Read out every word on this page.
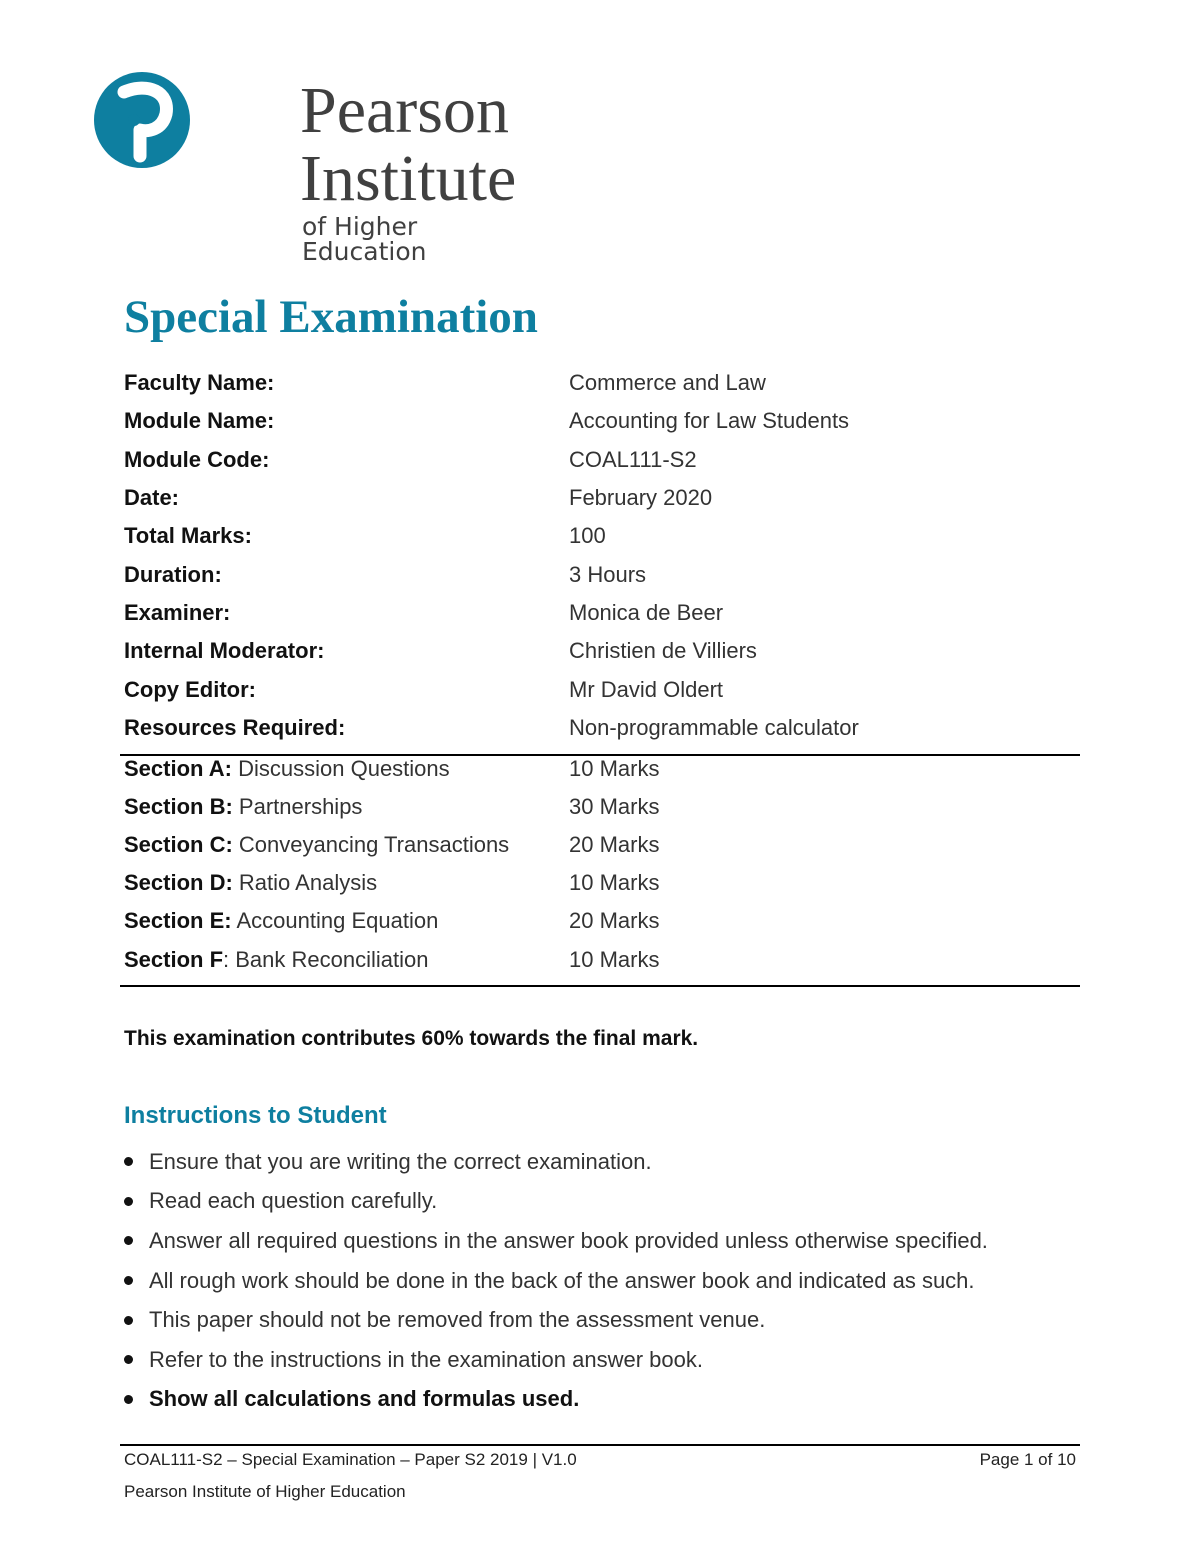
Pearson
Institute
of Higher Education
Special Examination
Faculty Name:	Commerce and Law
Module Name:	Accounting for Law Students
Module Code:	COAL111-S2
Date:	February 2020
Total Marks:	100
Duration:	3 Hours
Examiner:	Monica de Beer
Internal Moderator:	Christien de Villiers
Copy Editor:	Mr David Oldert
Resources Required:	Non-programmable calculator
Section A: Discussion Questions	10 Marks
Section B: Partnerships	30 Marks
Section C: Conveyancing Transactions	20 Marks
Section D: Ratio Analysis	10 Marks
Section E: Accounting Equation	20 Marks
Section F: Bank Reconciliation	10 Marks
This examination contributes 60% towards the final mark.
Instructions to Student
Ensure that you are writing the correct examination.
Read each question carefully.
Answer all required questions in the answer book provided unless otherwise specified.
All rough work should be done in the back of the answer book and indicated as such.
This paper should not be removed from the assessment venue.
Refer to the instructions in the examination answer book.
Show all calculations and formulas used.
COAL111-S2 – Special Examination – Paper S2 2019 | V1.0	Page 1 of 10
Pearson Institute of Higher Education
